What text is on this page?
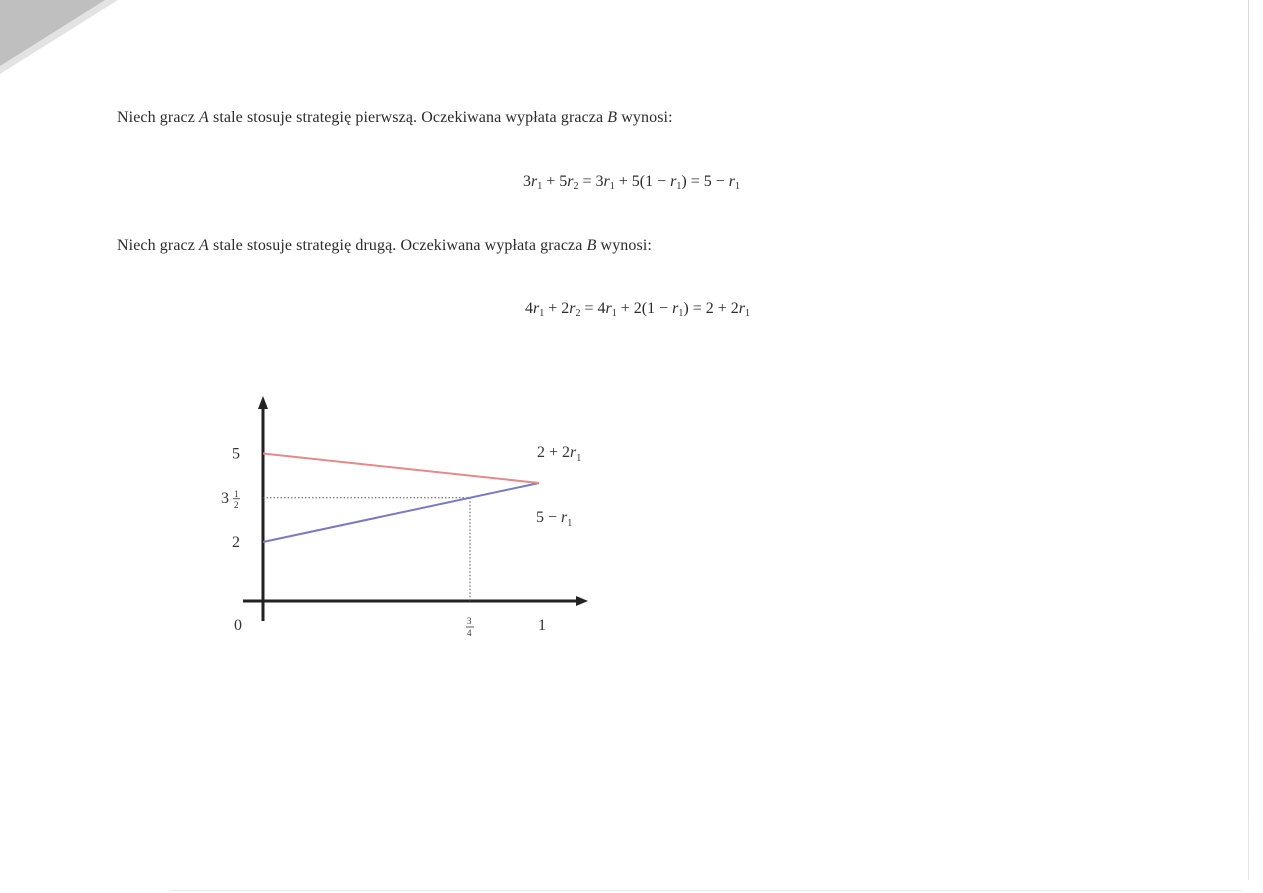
Niech gracz A stale stosuje strategię pierwszą. Oczekiwana wypłata gracza B wynosi:
$3r_1 + 5r_2 = 3r_1 + 5(1 - r_1) = 5 - r_1$
Niech gracz A stale stosuje strategię drugą. Oczekiwana wypłata gracza B wynosi:
$4r_1 + 2r_2 = 4r_1 + 2(1 - r_1) = 2 + 2r_1$
$2 + 2r_1$
$5 - r_1$
5
3 1
2
2
0	3
4	1
